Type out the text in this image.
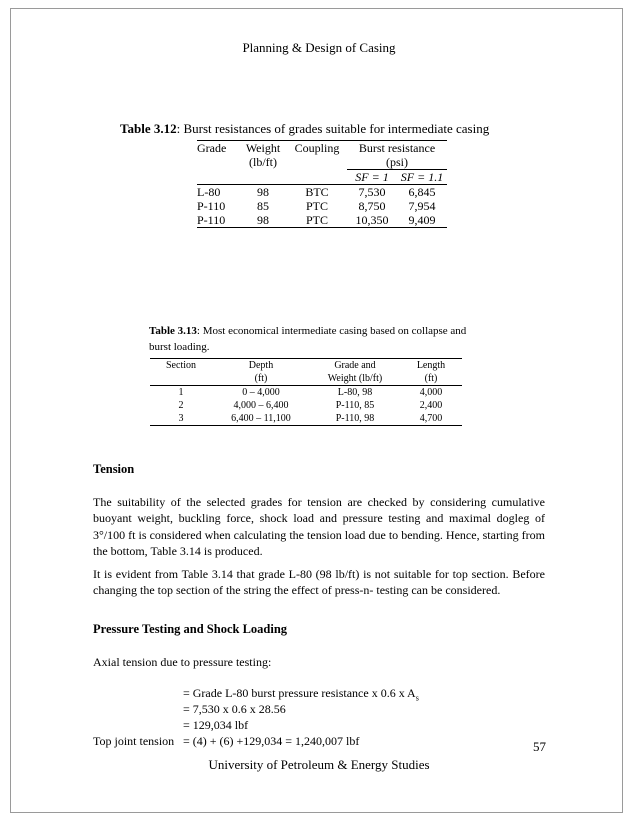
Planning & Design of Casing
Table 3.12: Burst resistances of grades suitable for intermediate casing
Grade	Weight	Coupling	Burst resistance	
	(lb/ft)		(psi)	
			SF = 1	SF = 1.1
L-80	98	BTC	7,530	6,845
P-110	85	PTC	8,750	7,954
P-110	98	PTC	10,350	9,409
Table 3.13: Most economical intermediate casing based on collapse and
burst loading.
Section	Depth	Grade and	Length
	(ft)	Weight (lb/ft)	(ft)
1	0 – 4,000	L-80, 98	4,000
2	4,000 – 6,400	P-110, 85	2,400
3	6,400 – 11,100	P-110, 98	4,700
Tension
The suitability of the selected grades for tension are checked by considering cumulative buoyant weight, buckling force, shock load and pressure testing and maximal dogleg of 3°/100 ft is considered when calculating the tension load due to bending. Hence, starting from the bottom, Table 3.14 is produced.
It is evident from Table 3.14 that grade L-80 (98 lb/ft) is not suitable for top section. Before changing the top section of the string the effect of press-n- testing can be considered.
Pressure Testing and Shock Loading
Axial tension due to pressure testing:
= Grade L-80 burst pressure resistance x 0.6 x $A_s$
= 7,530 x 0.6 x 28.56
= 129,034 lbf
Top joint tension = (4) + (6) +129,034 = 1,240,007 lbf	57
University of Petroleum & Energy Studies
